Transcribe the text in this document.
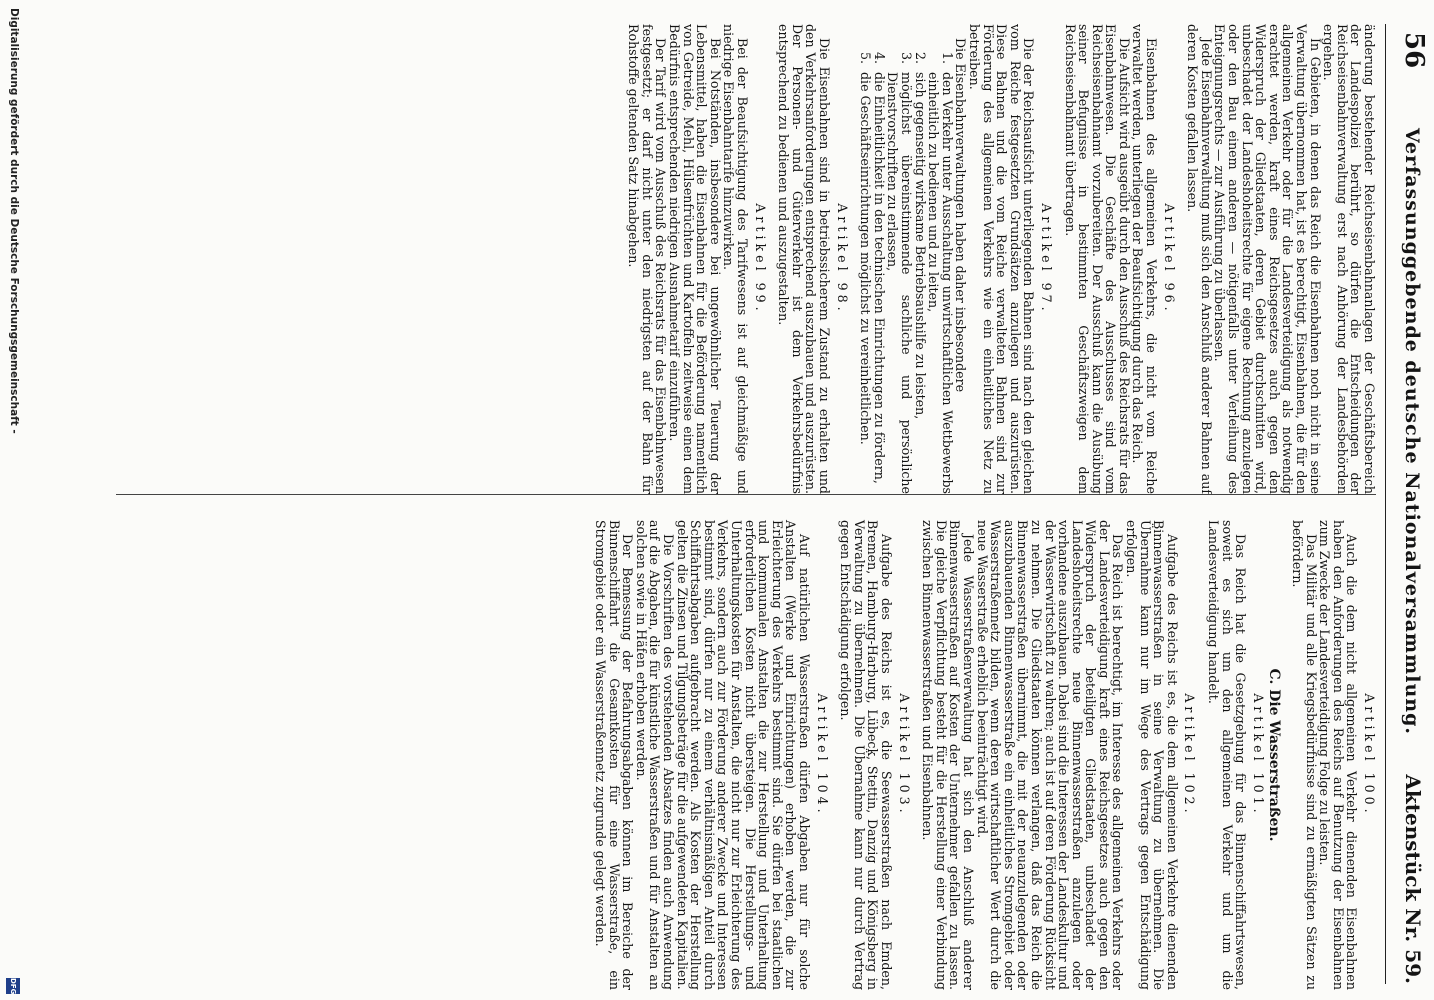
56
Verfassunggebende deutsche Nationalversammlung.
Aktenstück Nr. 59.

änderung bestehender Reichseisenbahnanlagen der Geschäftsbereich der Landespolizei berührt, so dürfen die Entscheidungen der Reichseisenbahnverwaltung erst nach Anhörung der Landesbehörden ergehen.

In Gebieten, in denen das Reich die Eisenbahnen noch nicht in seine Verwaltung übernommen hat, ist es berechtigt, Eisenbahnen, die für den allgemeinen Verkehr oder für die Landesverteidigung als notwendig erachtet werden, kraft eines Reichsgesetzes auch gegen den Widerspruch der Gliedstaaten, deren Gebiet durchschnitten wird, unbeschadet der Landeshoheitsrechte für eigene Rechnung anzulegen oder den Bau einem anderen — nötigenfalls unter Verleihung des Enteignungsrechts — zur Ausführung zu überlassen.

Jede Eisenbahnverwaltung muß sich den Anschluß anderer Bahnen auf deren Kosten gefallen lassen.

Artikel 96.

Eisenbahnen des allgemeinen Verkehrs, die nicht vom Reiche verwaltet werden, unterliegen der Beaufsichtigung durch das Reich.

Die Aufsicht wird ausgeübt durch den Ausschuß des Reichsrats für das Eisenbahnwesen. Die Geschäfte des Ausschusses sind vom Reichseisenbahnamt vorzubereiten. Der Ausschuß kann die Ausübung seiner Befugnisse in bestimmten Geschäftszweigen dem Reichseisenbahnamt übertragen.

Artikel 97.

Die der Reichsaufsicht unterliegenden Bahnen sind nach den gleichen vom Reiche festgesetzten Grundsätzen anzulegen und auszurüsten. Diese Bahnen und die vom Reiche verwalteten Bahnen sind zur Förderung des allgemeinen Verkehrs wie ein einheitliches Netz zu betreiben.

Die Eisenbahnverwaltungen haben daher insbesondere

1. den Verkehr unter Ausschaltung unwirtschaftlichen Wettbewerbs einheitlich zu bedienen und zu leiten,
2. sich gegenseitig wirksame Betriebsaushilfe zu leisten,
3. möglichst übereinstimmende sachliche und persönliche Dienstvorschriften zu erlassen,
4. die Einheitlichkeit in den technischen Einrichtungen zu fördern,
5. die Geschäftseinrichtungen möglichst zu vereinheitlichen.
Artikel 98.

Die Eisenbahnen sind in betriebssicherem Zustand zu erhalten und den Verkehrsanforderungen entsprechend auszubauen und auszurüsten. Der Personen- und Güterverkehr ist dem Verkehrsbedürfnis entsprechend zu bedienen und auszugestalten.

Artikel 99.

Bei der Beaufsichtigung des Tarifwesens ist auf gleichmäßige und niedrige Eisenbahntarife hinzuwirken.

Bei Notständen, insbesondere bei ungewöhnlicher Teuerung der Lebensmittel, haben die Eisenbahnen für die Beförderung namentlich von Getreide, Mehl, Hülsenfrüchten und Kartoffeln zeitweise einen dem Bedürfnis entsprechenden niedrigen Ausnahmetarif einzuführen.

Der Tarif wird vom Ausschuß des Reichsrats für das Eisenbahnwesen festgesetzt; er darf nicht unter den niedrigsten auf der Bahn für Rohstoffe geltenden Satz hinabgehen.

Artikel 100.

Auch die dem nicht allgemeinen Verkehr dienenden Eisenbahnen haben den Anforderungen des Reichs auf Benutzung der Eisenbahnen zum Zwecke der Landesverteidigung Folge zu leisten.

Das Militär und alle Kriegsbedürfnisse sind zu ermäßigten Sätzen zu befördern.

C. Die Wasserstraßen.
Artikel 101.

Das Reich hat die Gesetzgebung für das Binnenschiffahrtswesen, soweit es sich um den allgemeinen Verkehr und um die Landesverteidigung handelt.

Artikel 102.

Aufgabe des Reichs ist es, die dem allgemeinen Verkehre dienenden Binnenwasserstraßen in seine Verwaltung zu übernehmen. Die Übernahme kann nur im Wege des Vertrags gegen Entschädigung erfolgen.

Das Reich ist berechtigt, im Interesse des allgemeinen Verkehrs oder der Landesverteidigung kraft eines Reichsgesetzes auch gegen den Widerspruch der beteiligten Gliedstaaten, unbeschadet der Landeshoheitsrechte neue Binnenwasserstraßen anzulegen oder vorhandene auszubauen. Dabei sind die Interessen der Landeskultur und der Wasserwirtschaft zu wahren; auch ist auf deren Förderung Rücksicht zu nehmen. Die Gliedstaaten können verlangen, daß das Reich die Binnenwasserstraßen übernimmt, die mit der neuanzulegenden oder auszubauenden Binnenwasserstraße ein einheitliches Stromgebiet oder Wasserstraßennetz bilden, wenn deren wirtschaftlicher Wert durch die neue Wasserstraße erheblich beeinträchtigt wird.

Jede Wasserstraßenverwaltung hat sich den Anschluß anderer Binnenwasserstraßen auf Kosten der Unternehmer gefallen zu lassen. Die gleiche Verpflichtung besteht für die Herstellung einer Verbindung zwischen Binnenwasserstraßen und Eisenbahnen.

Artikel 103.

Aufgabe des Reichs ist es, die Seewasserstraßen nach Emden, Bremen, Hamburg-Harburg, Lübeck, Stettin, Danzig und Königsberg in Verwaltung zu übernehmen. Die Übernahme kann nur durch Vertrag gegen Entschädigung erfolgen.

Artikel 104.

Auf natürlichen Wasserstraßen dürfen Abgaben nur für solche Anstalten (Werke und Einrichtungen) erhoben werden, die zur Erleichterung des Verkehrs bestimmt sind. Sie dürfen bei staatlichen und kommunalen Anstalten die zur Herstellung und Unterhaltung erforderlichen Kosten nicht übersteigen. Die Herstellungs- und Unterhaltungskosten für Anstalten, die nicht nur zur Erleichterung des Verkehrs, sondern auch zur Förderung anderer Zwecke und Interessen bestimmt sind, dürfen nur zu einem verhältnismäßigen Anteil durch Schiffahrtsabgaben aufgebracht werden. Als Kosten der Herstellung gelten die Zinsen und Tilgungsbeträge für die aufgewendeten Kapitalien.

Die Vorschriften des vorstehenden Absatzes finden auch Anwendung auf die Abgaben, die für künstliche Wasserstraßen und für Anstalten an solchen sowie in Häfen erhoben werden.

Der Bemessung der Befahrungsabgaben können im Bereiche der Binnenschiffahrt die Gesamtkosten für eine Wasserstraße, ein Stromgebiet oder ein Wasserstraßennetz zugrunde gelegt werden.

Digitalisierung gefördert durch die Deutsche Forschungsgemeinschaft -
DFG
